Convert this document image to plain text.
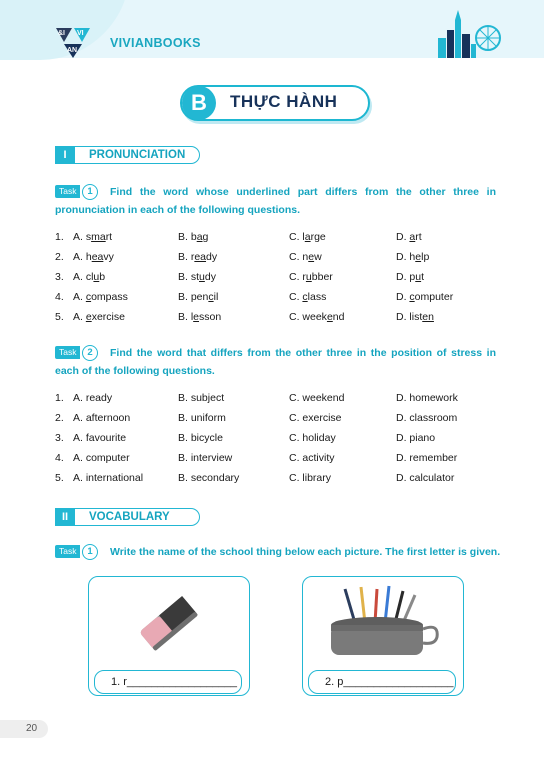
&I VI
AN
VIVIANBOOKS
B	THỰC HÀNH
I	PRONUNCIATION
Task	1	Find the word whose underlined part differs from the other three in pronunciation in each of the following questions.
1. A. smart	B. bag	C. large	D. art
2. A. heavy	B. ready	C. new	D. help
3. A. club	B. study	C. rubber	D. put
4. A. compass	B. pencil	C. class	D. computer
5. A. exercise	B. lesson	C. weekend	D. listen
Task	2	Find the word that differs from the other three in the position of stress in each of the following questions.
1. A. ready	B. subject	C. weekend	D. homework
2. A. afternoon	B. uniform	C. exercise	D. classroom
3. A. favourite	B. bicycle	C. holiday	D. piano
4. A. computer	B. interview	C. activity	D. remember
5. A. international	B. secondary	C. library	D. calculator
II	VOCABULARY
Task	1	Write the name of the school thing below each picture. The first letter is given.
1. r__________________	2. p__________________
20
